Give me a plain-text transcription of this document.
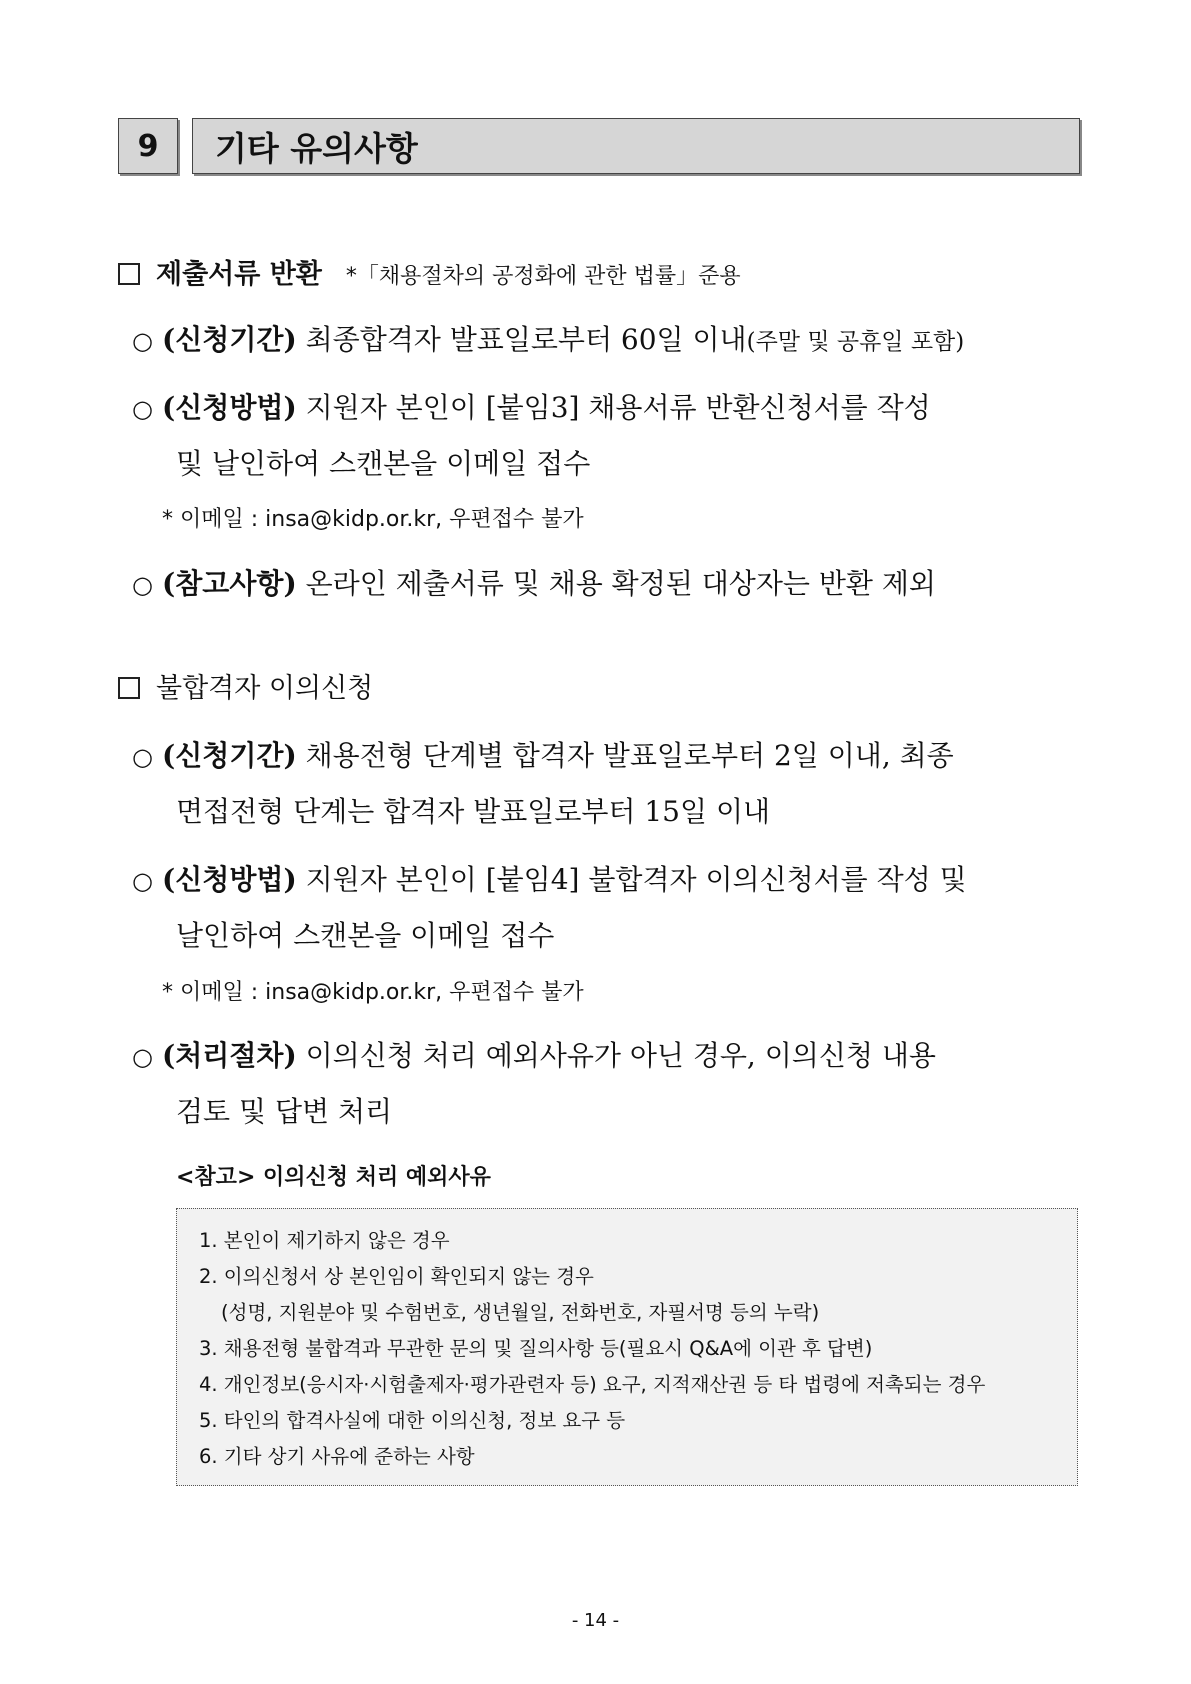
9	기타 유의사항
제출서류 반환 *「채용절차의 공정화에 관한 법률」준용
○ (신청기간) 최종합격자 발표일로부터 60일 이내(주말 및 공휴일 포함)
○ (신청방법) 지원자 본인이 [붙임3] 채용서류 반환신청서를 작성
및 날인하여 스캔본을 이메일 접수
* 이메일 : insa@kidp.or.kr, 우편접수 불가
○ (참고사항) 온라인 제출서류 및 채용 확정된 대상자는 반환 제외
불합격자 이의신청
○ (신청기간) 채용전형 단계별 합격자 발표일로부터 2일 이내, 최종
면접전형 단계는 합격자 발표일로부터 15일 이내
○ (신청방법) 지원자 본인이 [붙임4] 불합격자 이의신청서를 작성 및
날인하여 스캔본을 이메일 접수
* 이메일 : insa@kidp.or.kr, 우편접수 불가
○ (처리절차) 이의신청 처리 예외사유가 아닌 경우, 이의신청 내용
검토 및 답변 처리
<참고> 이의신청 처리 예외사유
1. 본인이 제기하지 않은 경우
2. 이의신청서 상 본인임이 확인되지 않는 경우
(성명, 지원분야 및 수험번호, 생년월일, 전화번호, 자필서명 등의 누락)
3. 채용전형 불합격과 무관한 문의 및 질의사항 등(필요시 Q&A에 이관 후 답변)
4. 개인정보(응시자·시험출제자·평가관련자 등) 요구, 지적재산권 등 타 법령에 저촉되는 경우
5. 타인의 합격사실에 대한 이의신청, 정보 요구 등
6. 기타 상기 사유에 준하는 사항
- 14 -
